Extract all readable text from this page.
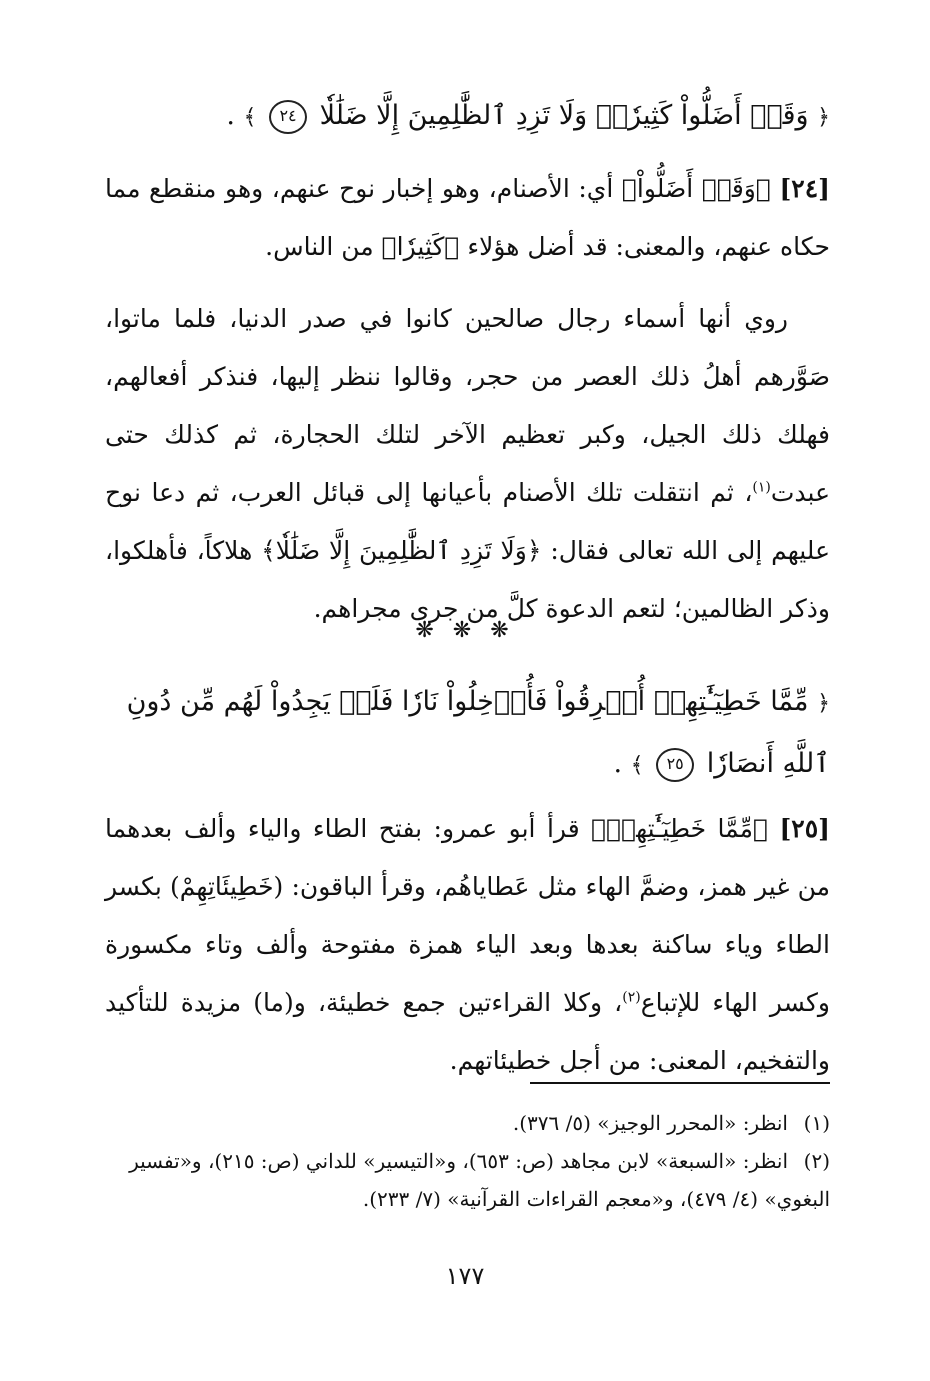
﴿ وَقَدۡ أَضَلُّواْ كَثِيرٗاۖ وَلَا تَزِدِ ٱلظَّٰلِمِينَ إِلَّا ضَلَٰلٗا ٢٤ ﴾ .

[٢٤] ﴿وَقَدۡ أَضَلُّواْ﴾ أي: الأصنام، وهو إخبار نوح عنهم، وهو منقطع مما حكاه عنهم، والمعنى: قد أضل هؤلاء ﴿كَثِيرٗا﴾ من الناس.

روي أنها أسماء رجال صالحين كانوا في صدر الدنيا، فلما ماتوا، صَوَّرهم أهلُ ذلك العصر من حجر، وقالوا ننظر إليها، فنذكر أفعالهم، فهلك ذلك الجيل، وكبر تعظيم الآخر لتلك الحجارة، ثم كذلك حتى عبدت$^{(١)}$، ثم انتقلت تلك الأصنام بأعيانها إلى قبائل العرب، ثم دعا نوح عليهم إلى الله تعالى فقال: ﴿وَلَا تَزِدِ ٱلظَّٰلِمِينَ إِلَّا ضَلَٰلٗا﴾ هلاكاً، فأهلكوا، وذكر الظالمين؛ لتعم الدعوة كلَّ من جرى مجراهم.

❋ ❋ ❋

﴿ مِّمَّا خَطِيٓـَٰٔتِهِمۡ أُغۡرِقُواْ فَأُدۡخِلُواْ نَارٗا فَلَمۡ يَجِدُواْ لَهُم مِّن دُونِ ٱللَّهِ أَنصَارٗا ٢٥ ﴾ .

[٢٥] ﴿مِّمَّا خَطِيٓـَٰٔتِهِمۡ﴾ قرأ أبو عمرو: بفتح الطاء والياء وألف بعدهما من غير همز، وضمَّ الهاء مثل عَطاياهُم، وقرأ الباقون: (خَطِيئَاتِهِمْ) بكسر الطاء وياء ساكنة بعدها وبعد الياء همزة مفتوحة وألف وتاء مكسورة وكسر الهاء للإتباع$^{(٢)}$، وكلا القراءتين جمع خطيئة، و(ما) مزيدة للتأكيد والتفخيم، المعنى: من أجل خطيئاتهم.

(١)انظر: «المحرر الوجيز» (٥/ ٣٧٦).

(٢)انظر: «السبعة» لابن مجاهد (ص: ٦٥٣)، و«التيسير» للداني (ص: ٢١٥)، و«تفسير البغوي» (٤/ ٤٧٩)، و«معجم القراءات القرآنية» (٧/ ٢٣٣).

١٧٧
